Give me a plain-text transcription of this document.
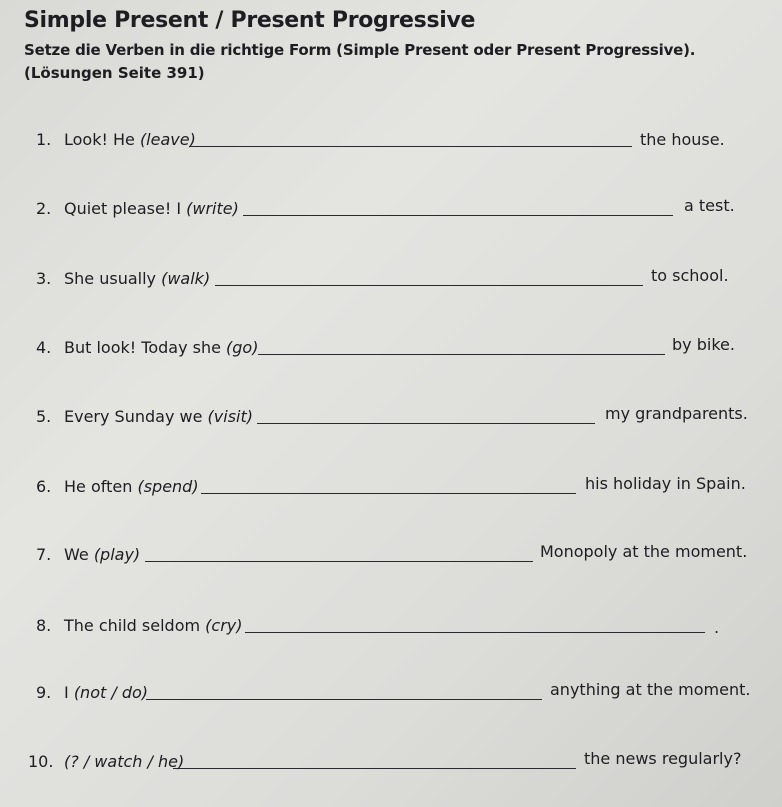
Simple Present / Present Progressive
Setze die Verben in die richtige Form (Simple Present oder Present Progressive).
(Lösungen Seite 391)
1. Look! He (leave)	the house.
2. Quiet please! I (write)	a test.
3. She usually (walk)	to school.
4. But look! Today she (go)	by bike.
5. Every Sunday we (visit)	my grandparents.
6. He often (spend)	his holiday in Spain.
7. We (play)	Monopoly at the moment.
8. The child seldom (cry)	.
9. I (not / do)	anything at the moment.
10. (? / watch / he)	the news regularly?
